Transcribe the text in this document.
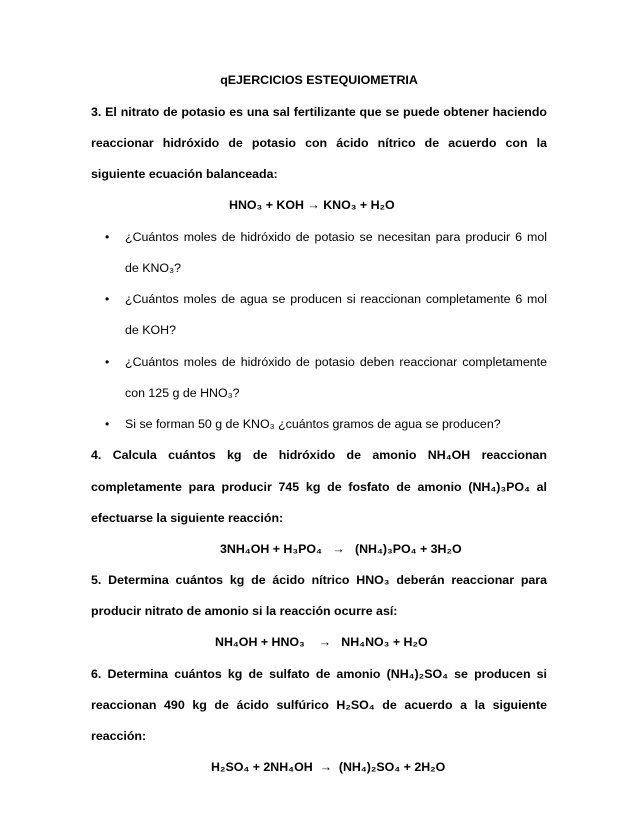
qEJERCICIOS ESTEQUIOMETRIA
3. El nitrato de potasio es una sal fertilizante que se puede obtener haciendo
reaccionar hidróxido de potasio con ácido nítrico de acuerdo con la
siguiente ecuación balanceada:
HNO₃ + KOH → KNO₃ + H₂O
•	¿Cuántos moles de hidróxido de potasio se necesitan para producir 6 mol
de KNO₃?
•	¿Cuántos moles de agua se producen si reaccionan completamente 6 mol
de KOH?
•	¿Cuántos moles de hidróxido de potasio deben reaccionar completamente
con 125 g de HNO₃?
•	Si se forman 50 g de KNO₃ ¿cuántos gramos de agua se producen?
4. Calcula cuántos kg de hidróxido de amonio NH₄OH reaccionan
completamente para producir 745 kg de fosfato de amonio (NH₄)₃PO₄ al
efectuarse la siguiente reacción:
3NH₄OH + H₃PO₄ → (NH₄)₃PO₄ + 3H₂O
5. Determina cuántos kg de ácido nítrico HNO₃ deberán reaccionar para
producir nitrato de amonio si la reacción ocurre así:
NH₄OH + HNO₃ → NH₄NO₃ + H₂O
6. Determina cuántos kg de sulfato de amonio (NH₄)₂SO₄ se producen si
reaccionan 490 kg de ácido sulfúrico H₂SO₄ de acuerdo a la siguiente
reacción:
H₂SO₄ + 2NH₄OH → (NH₄)₂SO₄ + 2H₂O
